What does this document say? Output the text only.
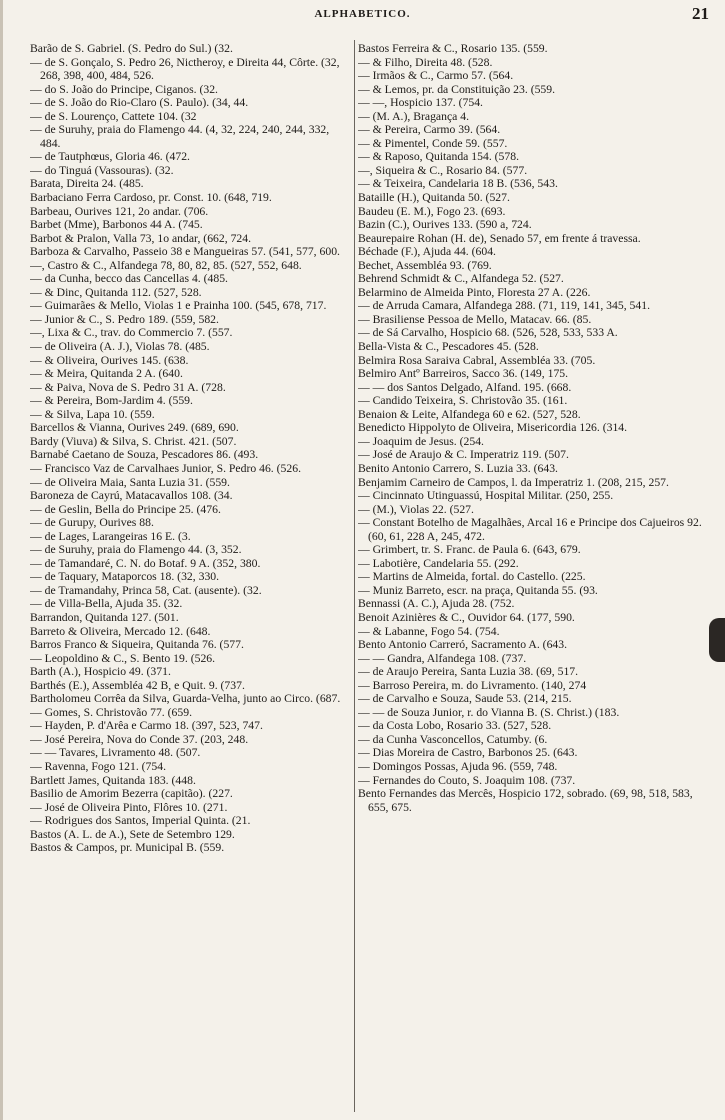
ALPHABETICO.	21

Barão de S. Gabriel. (S. Pedro do Sul.) (32.

— de S. Gonçalo, S. Pedro 26, Nictheroy, e Direita 44, Côrte. (32, 268, 398, 400, 484, 526.

— do S. João do Principe, Ciganos. (32.

— de S. João do Rio-Claro (S. Paulo). (34, 44.

— de S. Lourenço, Cattete 104. (32

— de Suruhy, praia do Flamengo 44. (4, 32, 224, 240, 244, 332, 484.

— de Tautphœus, Gloria 46. (472.

— do Tinguá (Vassouras). (32.

Barata, Direita 24. (485.

Barbaciano Ferra Cardoso, pr. Const. 10. (648, 719.

Barbeau, Ourives 121, 2o andar. (706.

Barbet (Mme), Barbonos 44 A. (745.

Barbot & Pralon, Valla 73, 1o andar, (662, 724.

Barboza & Carvalho, Passeio 38 e Mangueiras 57. (541, 577, 600.

—, Castro & C., Alfandega 78, 80, 82, 85. (527, 552, 648.

— da Cunha, becco das Cancellas 4. (485.

— & Dinc, Quitanda 112. (527, 528.

— Guimarães & Mello, Violas 1 e Prainha 100. (545, 678, 717.

— Junior & C., S. Pedro 189. (559, 582.

—, Lixa & C., trav. do Commercio 7. (557.

— de Oliveira (A. J.), Violas 78. (485.

— & Oliveira, Ourives 145. (638.

— & Meira, Quitanda 2 A. (640.

— & Paiva, Nova de S. Pedro 31 A. (728.

— & Pereira, Bom-Jardim 4. (559.

— & Silva, Lapa 10. (559.

Barcellos & Vianna, Ourives 249. (689, 690.

Bardy (Viuva) & Silva, S. Christ. 421. (507.

Barnabé Caetano de Souza, Pescadores 86. (493.

— Francisco Vaz de Carvalhaes Junior, S. Pedro 46. (526.

— de Oliveira Maia, Santa Luzia 31. (559.

Baroneza de Cayrú, Matacavallos 108. (34.

— de Geslin, Bella do Principe 25. (476.

— de Gurupy, Ourives 88.

— de Lages, Larangeiras 16 E. (3.

— de Suruhy, praia do Flamengo 44. (3, 352.

— de Tamandaré, C. N. do Botaf. 9 A. (352, 380.

— de Taquary, Mataporcos 18. (32, 330.

— de Tramandahy, Princa 58, Cat. (ausente). (32.

— de Villa-Bella, Ajuda 35. (32.

Barrandon, Quitanda 127. (501.

Barreto & Oliveira, Mercado 12. (648.

Barros Franco & Siqueira, Quitanda 76. (577.

— Leopoldino & C., S. Bento 19. (526.

Barth (A.), Hospicio 49. (371.

Barthés (E.), Assembléa 42 B, e Quit. 9. (737.

Bartholomeu Corrêa da Silva, Guarda-Velha, junto ao Circo. (687.

— Gomes, S. Christovão 77. (659.

— Hayden, P. d'Arêa e Carmo 18. (397, 523, 747.

— José Pereira, Nova do Conde 37. (203, 248.

— — Tavares, Livramento 48. (507.

— Ravenna, Fogo 121. (754.

Bartlett James, Quitanda 183. (448.

Basilio de Amorim Bezerra (capitão). (227.

— José de Oliveira Pinto, Flôres 10. (271.

— Rodrigues dos Santos, Imperial Quinta. (21.

Bastos (A. L. de A.), Sete de Setembro 129.

Bastos & Campos, pr. Municipal B. (559.

Bastos Ferreira & C., Rosario 135. (559.

— & Filho, Direita 48. (528.

— Irmãos & C., Carmo 57. (564.

— & Lemos, pr. da Constituição 23. (559.

— —, Hospicio 137. (754.

— (M. A.), Bragança 4.

— & Pereira, Carmo 39. (564.

— & Pimentel, Conde 59. (557.

— & Raposo, Quitanda 154. (578.

—, Siqueira & C., Rosario 84. (577.

— & Teixeira, Candelaria 18 B. (536, 543.

Bataille (H.), Quitanda 50. (527.

Baudeu (E. M.), Fogo 23. (693.

Bazin (C.), Ourives 133. (590 a, 724.

Beaurepaire Rohan (H. de), Senado 57, em frente á travessa.

Béchade (F.), Ajuda 44. (604.

Bechet, Assembléa 93. (769.

Behrend Schmidt & C., Alfandega 52. (527.

Belarmino de Almeida Pinto, Floresta 27 A. (226.

— de Arruda Camara, Alfandega 288. (71, 119, 141, 345, 541.

— Brasiliense Pessoa de Mello, Matacav. 66. (85.

— de Sá Carvalho, Hospicio 68. (526, 528, 533, 533 A.

Bella-Vista & C., Pescadores 45. (528.

Belmira Rosa Saraiva Cabral, Assembléa 33. (705.

Belmiro Antº Barreiros, Sacco 36. (149, 175.

— — dos Santos Delgado, Alfand. 195. (668.

— Candido Teixeira, S. Christovão 35. (161.

Benaion & Leite, Alfandega 60 e 62. (527, 528.

Benedicto Hippolyto de Oliveira, Misericordia 126. (314.

— Joaquim de Jesus. (254.

— José de Araujo & C. Imperatriz 119. (507.

Benito Antonio Carrero, S. Luzia 33. (643.

Benjamim Carneiro de Campos, l. da Imperatriz 1. (208, 215, 257.

— Cincinnato Utinguassú, Hospital Militar. (250, 255.

— (M.), Violas 22. (527.

— Constant Botelho de Magalhães, Arcal 16 e Principe dos Cajueiros 92. (60, 61, 228 A, 245, 472.

— Grimbert, tr. S. Franc. de Paula 6. (643, 679.

— Labotière, Candelaria 55. (292.

— Martins de Almeida, fortal. do Castello. (225.

— Muniz Barreto, escr. na praça, Quitanda 55. (93.

Bennassi (A. C.), Ajuda 28. (752.

Benoit Azinières & C., Ouvidor 64. (177, 590.

— & Labanne, Fogo 54. (754.

Bento Antonio Carreró, Sacramento A. (643.

— — Gandra, Alfandega 108. (737.

— de Araujo Pereira, Santa Luzia 38. (69, 517.

— Barroso Pereira, m. do Livramento. (140, 274

— de Carvalho e Souza, Saude 53. (214, 215.

— — de Souza Junior, r. do Vianna B. (S. Christ.) (183.

— da Costa Lobo, Rosario 33. (527, 528.

— da Cunha Vasconcellos, Catumby. (6.

— Dias Moreira de Castro, Barbonos 25. (643.

— Domingos Possas, Ajuda 96. (559, 748.

— Fernandes do Couto, S. Joaquim 108. (737.

Bento Fernandes das Mercês, Hospicio 172, sobrado. (69, 98, 518, 583, 655, 675.
